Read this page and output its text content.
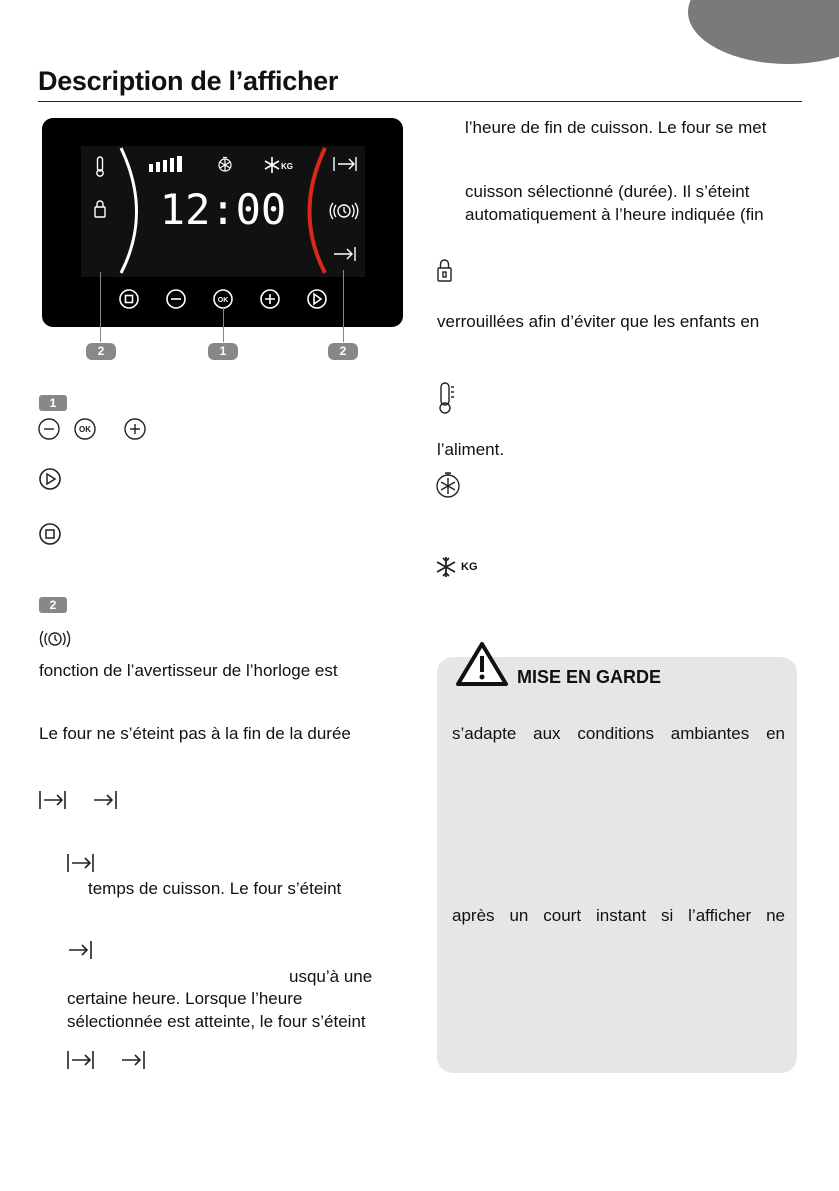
Description de l’afficher
KG
12:00
OK
2	1	2
1
OK
2
fonction de l’avertisseur de l’horloge est
Le four ne s’éteint pas à la fin de la durée
temps de cuisson. Le four s’éteint
usqu’à une
certaine heure. Lorsque l’heure
sélectionnée est atteinte, le four s’éteint
l’heure de fin de cuisson. Le four se met
cuisson sélectionné (durée). Il s’éteint
automatiquement à l’heure indiquée (fin
verrouillées afin d’éviter que les enfants en
l’aliment.
KG
MISE EN GARDE
s’adapte aux conditions ambiantes en
après un court instant si l’afficher ne
